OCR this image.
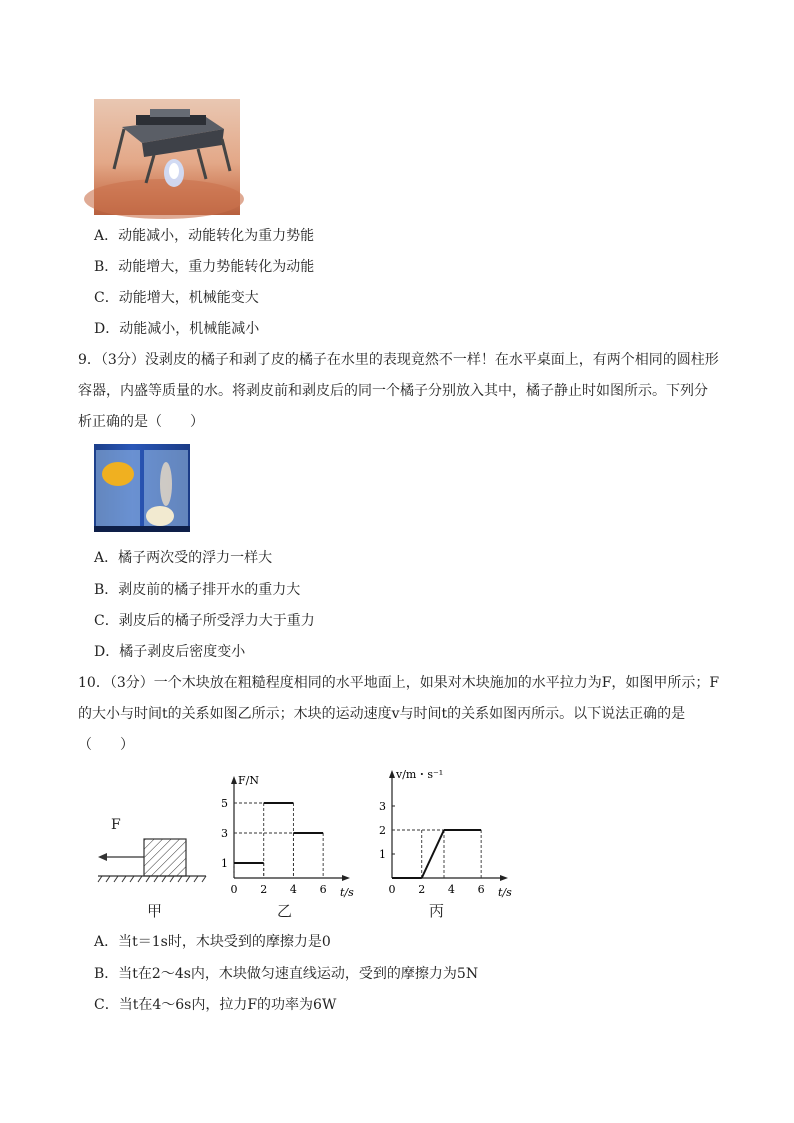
A．动能减小，动能转化为重力势能
B．动能增大，重力势能转化为动能
C．动能增大，机械能变大
D．动能减小，机械能减小
9．（3分）没剥皮的橘子和剥了皮的橘子在水里的表现竟然不一样！在水平桌面上，有两个相同的圆柱形
容器，内盛等质量的水。将剥皮前和剥皮后的同一个橘子分别放入其中，橘子静止时如图所示。下列分
析正确的是（　　）
A．橘子两次受的浮力一样大
B．剥皮前的橘子排开水的重力大
C．剥皮后的橘子所受浮力大于重力
D．橘子剥皮后密度变小
10．（3分）一个木块放在粗糙程度相同的水平地面上，如果对木块施加的水平拉力为F，如图甲所示；F
的大小与时间t的关系如图乙所示；木块的运动速度v与时间t的关系如图丙所示。以下说法正确的是
（　　）
F
甲
0 2 4 6
1
3
5
t/s
F/N
乙
0 2 4 6
1
2
3
t/s
v/m・s⁻¹
丙
A．当t＝1s时，木块受到的摩擦力是0
B．当t在2～4s内，木块做匀速直线运动，受到的摩擦力为5N
C．当t在4～6s内，拉力F的功率为6W
